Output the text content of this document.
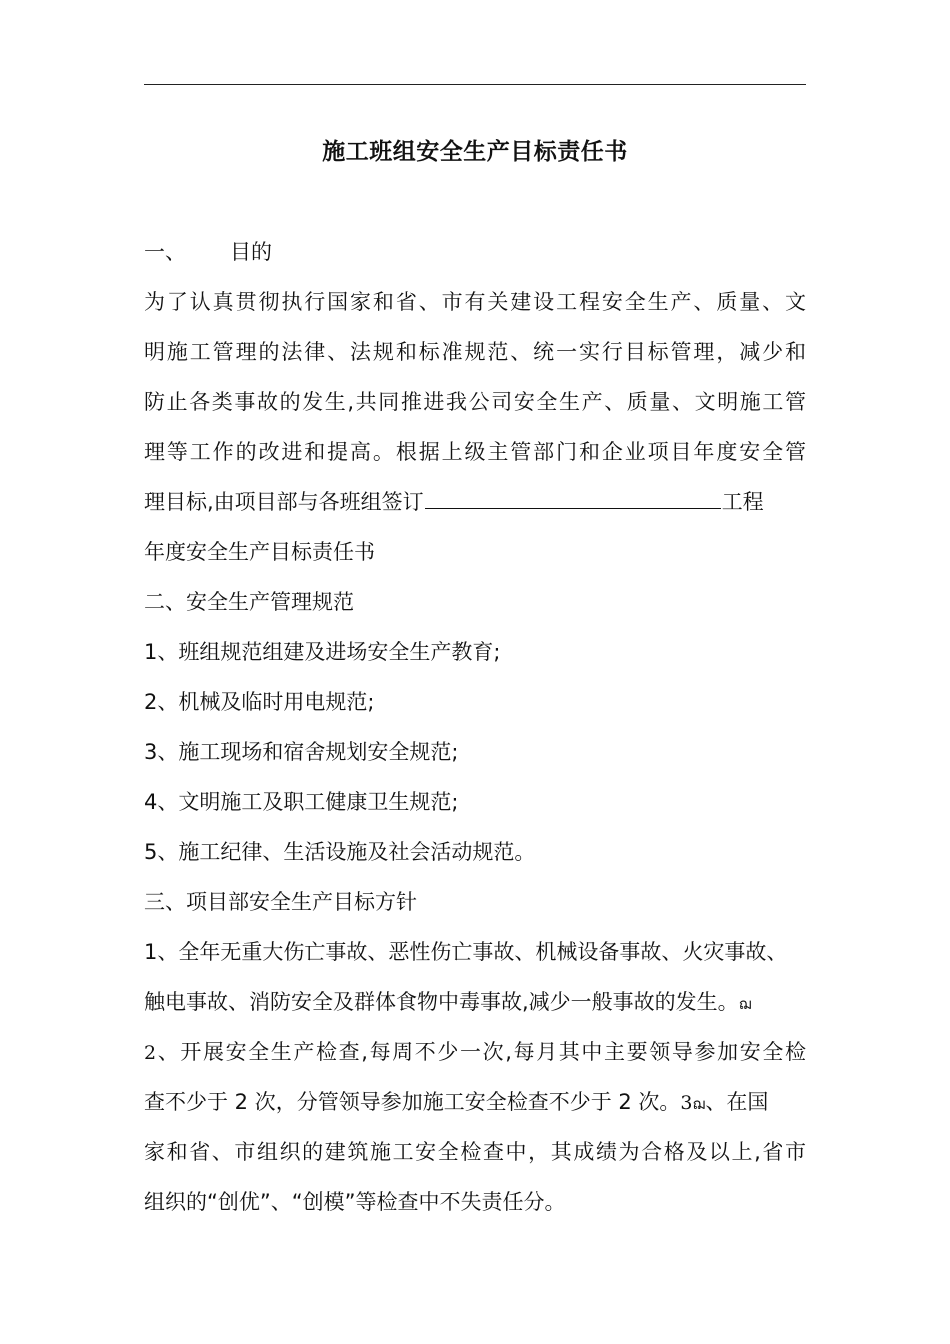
施工班组安全生产目标责任书
一、 目的
为了认真贯彻执行国家和省、市有关建设工程安全生产、质量、文
明施工管理的法律、法规和标准规范、统一实行目标管理，减少和
防止各类事故的发生,共同推进我公司安全生产、质量、文明施工管
理等工作的改进和提高。根据上级主管部门和企业项目年度安全管
理目标,由项目部与各班组签订	工程
年度安全生产目标责任书
二、安全生产管理规范
1、班组规范组建及进场安全生产教育;
2、机械及临时用电规范;
3、施工现场和宿舍规划安全规范;
4、文明施工及职工健康卫生规范;
5、施工纪律、生活设施及社会活动规范。
三、项目部安全生产目标方针
1、全年无重大伤亡事故、恶性伤亡事故、机械设备事故、火灾事故、
触电事故、消防安全及群体食物中毒事故,减少一般事故的发生。ฌ
2、开展安全生产检查,每周不少一次,每月其中主要领导参加安全检
查不少于 2 次，分管领导参加施工安全检查不少于 2 次。3ฌ、在国
家和省、市组织的建筑施工安全检查中，其成绩为合格及以上,省市
组织的“创优”、“创模”等检查中不失责任分。
